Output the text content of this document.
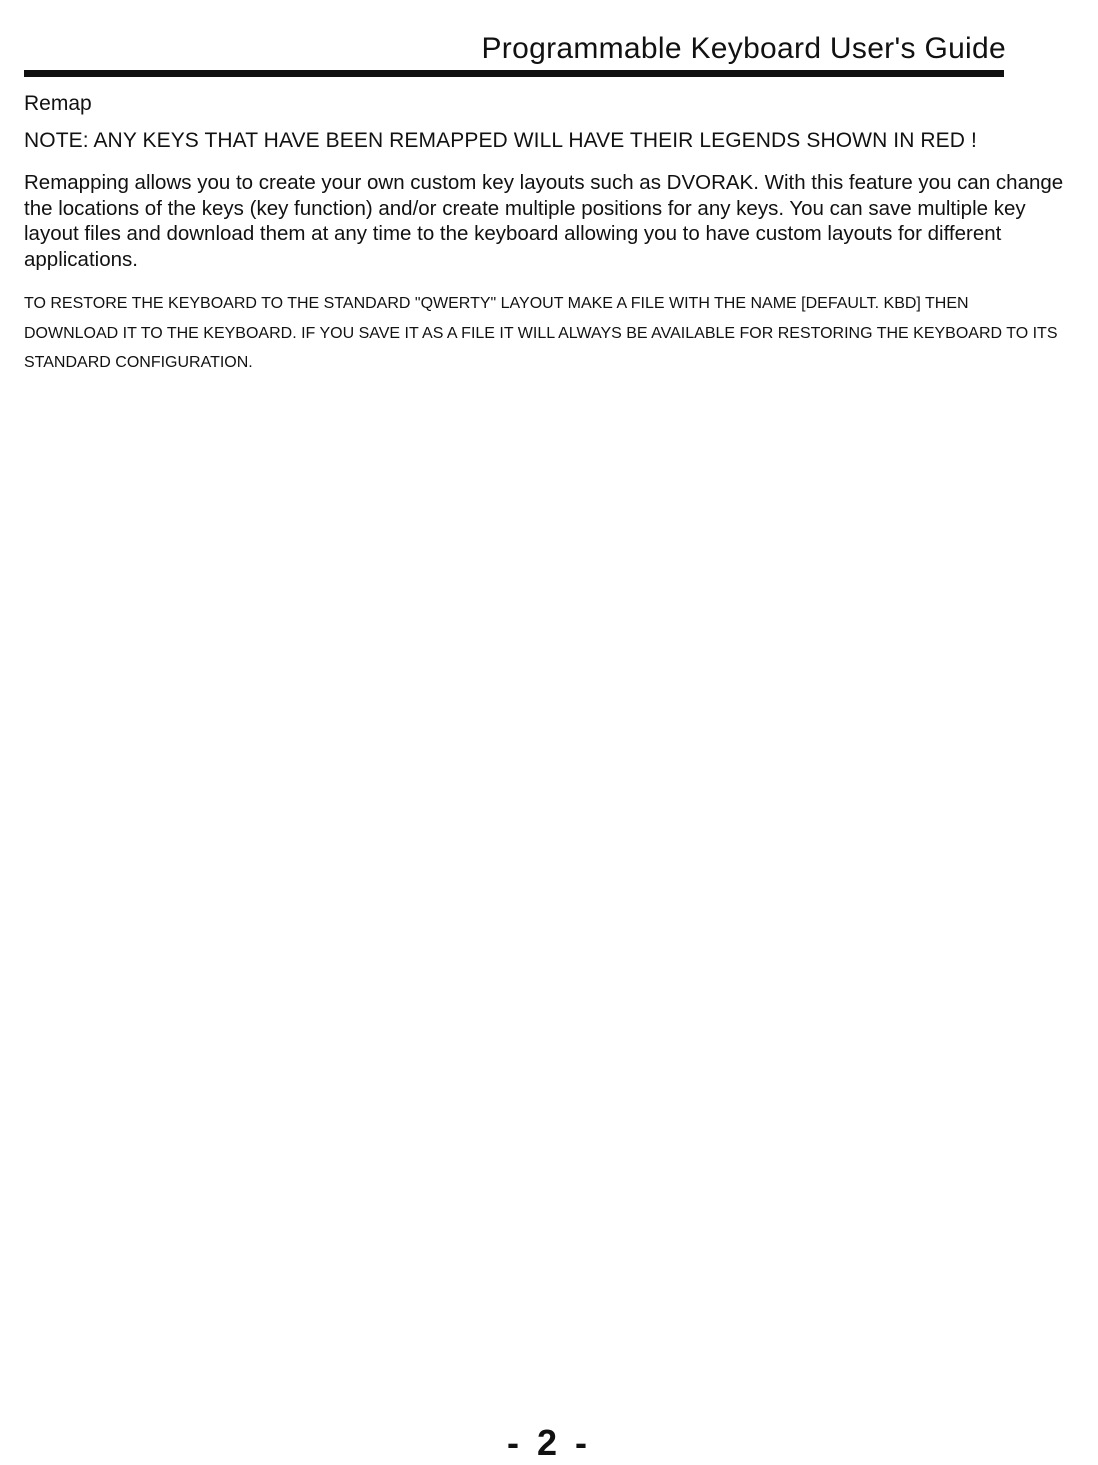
Programmable Keyboard User's Guide
Remap
NOTE: ANY KEYS THAT HAVE BEEN REMAPPED WILL HAVE THEIR LEGENDS SHOWN IN RED !

Remapping allows you to create your own custom key layouts such as DVORAK. With this feature you can change the locations of the keys (key function) and/or create multiple positions for any keys. You can save multiple key layout files and download them at any time to the keyboard allowing you to have custom layouts for different applications.

TO RESTORE THE KEYBOARD TO THE STANDARD "QWERTY" LAYOUT MAKE A FILE WITH THE NAME [DEFAULT. KBD] THEN DOWNLOAD IT TO THE KEYBOARD. IF YOU SAVE IT AS A FILE IT WILL ALWAYS BE AVAILABLE FOR RESTORING THE KEYBOARD TO ITS STANDARD CONFIGURATION.

- 2 -
